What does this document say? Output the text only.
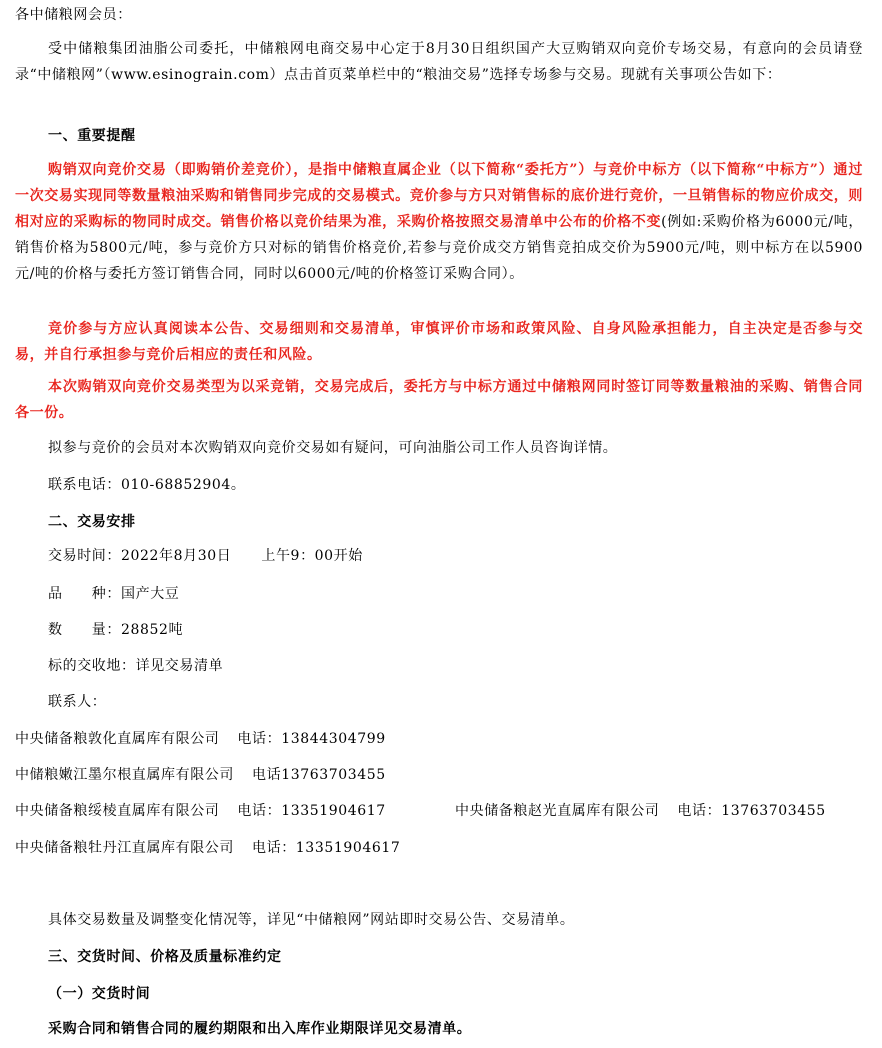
各中储粮网会员：
受中储粮集团油脂公司委托，中储粮网电商交易中心定于8月30日组织国产大豆购销双向竞价专场交易，有意向的会员请登录“中储粮网”（www.esinograin.com）点击首页菜单栏中的“粮油交易”选择专场参与交易。现就有关事项公告如下：
一、重要提醒
购销双向竞价交易（即购销价差竞价），是指中储粮直属企业（以下简称“委托方”）与竞价中标方（以下简称“中标方”）通过一次交易实现同等数量粮油采购和销售同步完成的交易模式。竞价参与方只对销售标的底价进行竞价，一旦销售标的物应价成交，则相对应的采购标的物同时成交。销售价格以竞价结果为准，采购价格按照交易清单中公布的价格不变(例如:采购价格为6000元/吨，销售价格为5800元/吨，参与竞价方只对标的销售价格竞价,若参与竞价成交方销售竞拍成交价为5900元/吨，则中标方在以5900元/吨的价格与委托方签订销售合同，同时以6000元/吨的价格签订采购合同）。
竞价参与方应认真阅读本公告、交易细则和交易清单，审慎评价市场和政策风险、自身风险承担能力，自主决定是否参与交易，并自行承担参与竞价后相应的责任和风险。
本次购销双向竞价交易类型为以采竞销，交易完成后，委托方与中标方通过中储粮网同时签订同等数量粮油的采购、销售合同各一份。
拟参与竞价的会员对本次购销双向竞价交易如有疑问，可向油脂公司工作人员咨询详情。
联系电话：010-68852904。
二、交易安排
交易时间：2022年8月30日 上午9：00开始
品　　种：国产大豆
数　　量：28852吨
标的交收地：详见交易清单
联系人：
中央储备粮敦化直属库有限公司 电话：13844304799
中储粮嫩江墨尔根直属库有限公司 电话13763703455
中央储备粮绥棱直属库有限公司 电话：13351904617	中央储备粮赵光直属库有限公司 电话：13763703455
中央储备粮牡丹江直属库有限公司 电话：13351904617
具体交易数量及调整变化情况等，详见“中储粮网”网站即时交易公告、交易清单。
三、交货时间、价格及质量标准约定
（一）交货时间
采购合同和销售合同的履约期限和出入库作业期限详见交易清单。
